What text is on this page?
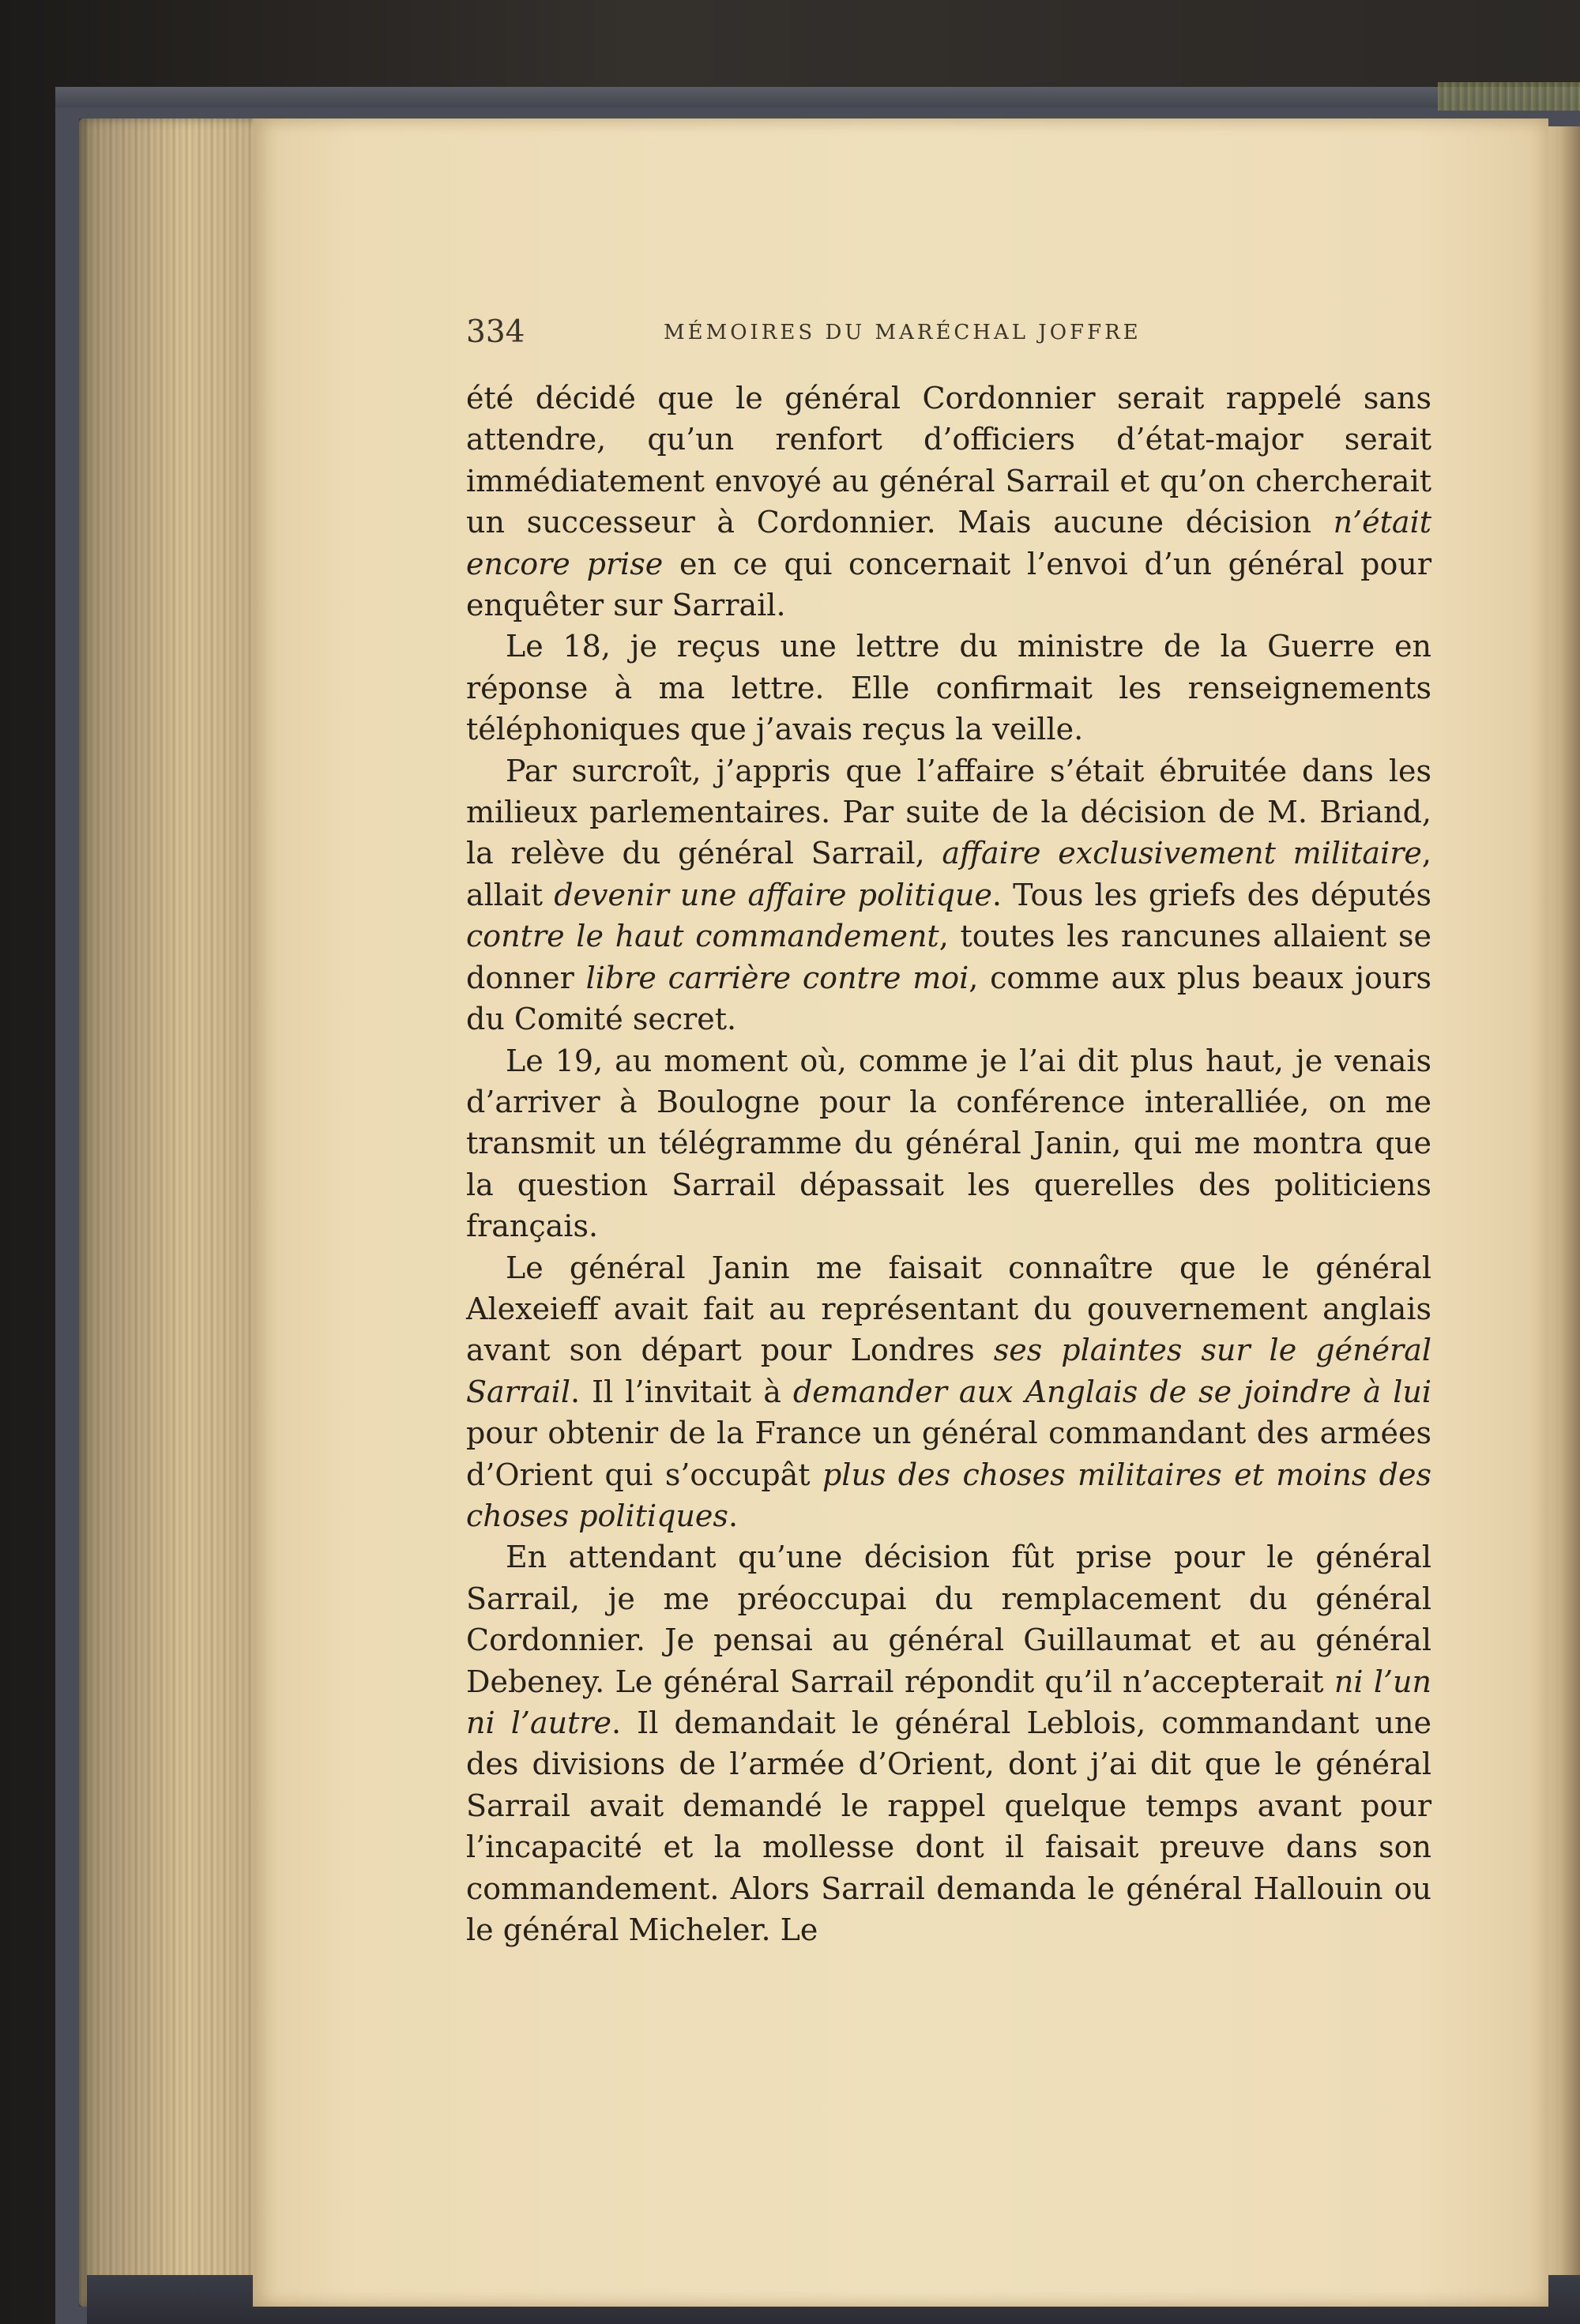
334	MÉMOIRES DU MARÉCHAL JOFFRE

été décidé que le général Cordonnier serait rappelé sans attendre, qu’un renfort d’officiers d’état-major serait immédiatement envoyé au général Sarrail et qu’on chercherait un successeur à Cordonnier. Mais aucune décision n’était encore prise en ce qui concernait l’envoi d’un général pour enquêter sur Sarrail.

Le 18, je reçus une lettre du ministre de la Guerre en réponse à ma lettre. Elle confirmait les renseignements téléphoniques que j’avais reçus la veille.

Par surcroît, j’appris que l’affaire s’était ébruitée dans les milieux parlementaires. Par suite de la décision de M. Briand, la relève du général Sarrail, affaire exclusivement militaire, allait devenir une affaire politique. Tous les griefs des députés contre le haut commandement, toutes les rancunes allaient se donner libre carrière contre moi, comme aux plus beaux jours du Comité secret.

Le 19, au moment où, comme je l’ai dit plus haut, je venais d’arriver à Boulogne pour la conférence interalliée, on me transmit un télégramme du général Janin, qui me montra que la question Sarrail dépassait les querelles des politiciens français.

Le général Janin me faisait connaître que le général Alexeieff avait fait au représentant du gouvernement anglais avant son départ pour Londres ses plaintes sur le général Sarrail. Il l’invitait à demander aux Anglais de se joindre à lui pour obtenir de la France un général commandant des armées d’Orient qui s’occupât plus des choses militaires et moins des choses politiques.

En attendant qu’une décision fût prise pour le général Sarrail, je me préoccupai du remplacement du général Cordonnier. Je pensai au général Guillaumat et au général Debeney. Le général Sarrail répondit qu’il n’accepterait ni l’un ni l’autre. Il demandait le général Leblois, commandant une des divisions de l’armée d’Orient, dont j’ai dit que le général Sarrail avait demandé le rappel quelque temps avant pour l’incapacité et la mollesse dont il faisait preuve dans son commandement. Alors Sarrail demanda le général Hallouin ou le général Micheler. Le
